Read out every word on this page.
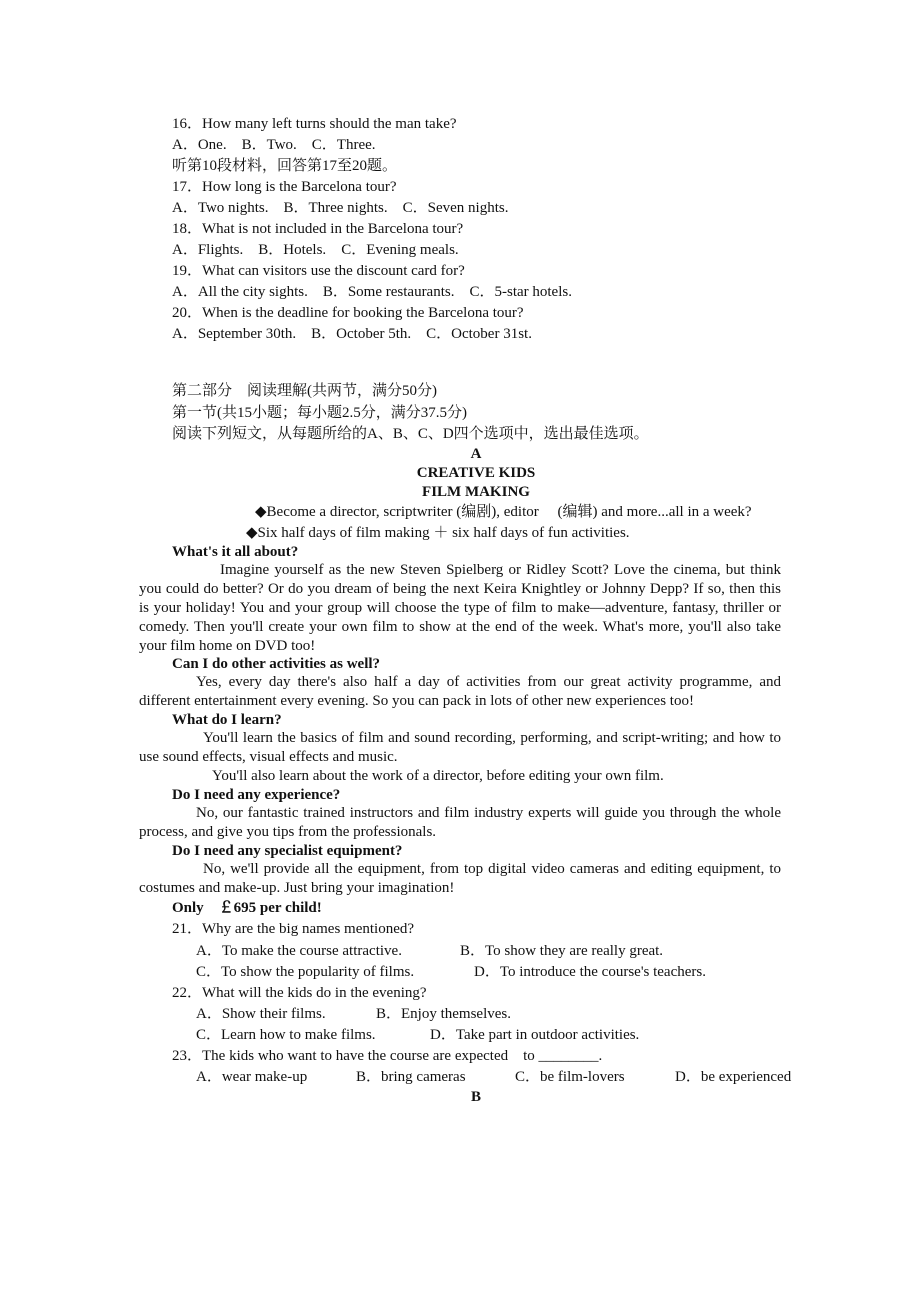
16．How many left turns should the man take?
A．One. B．Two. C．Three.
听第10段材料，回答第17至20题。
17．How long is the Barcelona tour?
A．Two nights. B．Three nights. C．Seven nights.
18．What is not included in the Barcelona tour?
A．Flights. B．Hotels. C．Evening meals.
19．What can visitors use the discount card for?
A．All the city sights. B．Some restaurants. C．5-star hotels.
20．When is the deadline for booking the Barcelona tour?
A．September 30th. B．October 5th. C．October 31st.
第二部分　阅读理解(共两节，满分50分)
第一节(共15小题；每小题2.5分，满分37.5分)
阅读下列短文，从每题所给的A、B、C、D四个选项中，选出最佳选项。
A
CREATIVE KIDS
FILM MAKING
◆Become a director, scriptwriter (编剧), editor　 (编辑) and more...all in a week?
◆Six half days of film making ＋ six half days of fun activities.
What's it all about?
Imagine yourself as the new Steven Spielberg or Ridley Scott? Love the cinema, but think you could do better? Or do you dream of being the next Keira Knightley or Johnny Depp? If so, then this is your holiday! You and your group will choose the type of film to make—adventure, fantasy, thriller or comedy. Then you'll create your own film to show at the end of the week. What's more, you'll also take your film home on DVD too!
Can I do other activities as well?
Yes, every day there's also half a day of activities from our great activity programme, and different entertainment every evening. So you can pack in lots of other new experiences too!
What do I learn?
You'll learn the basics of film and sound recording, performing, and script-writing; and how to use sound effects, visual effects and music.
You'll also learn about the work of a director, before editing your own film.
Do I need any experience?
No, our fantastic trained instructors and film industry experts will guide you through the whole process, and give you tips from the professionals.
Do I need any specialist equipment?
No, we'll provide all the equipment, from top digital video cameras and editing equipment, to costumes and make-up. Just bring your imagination!
Only　￡695 per child!
21．Why are the big names mentioned?
A．To make the course attractive.	B．To show they are really great.
C．To show the popularity of films.	D．To introduce the course's teachers.
22．What will the kids do in the evening?
A．Show their films.	B．Enjoy themselves.
C．Learn how to make films.	D．Take part in outdoor activities.
23．The kids who want to have the course are expected　to ________.
A．wear make-up	B．bring cameras	C．be film-lovers	D．be experienced
B
